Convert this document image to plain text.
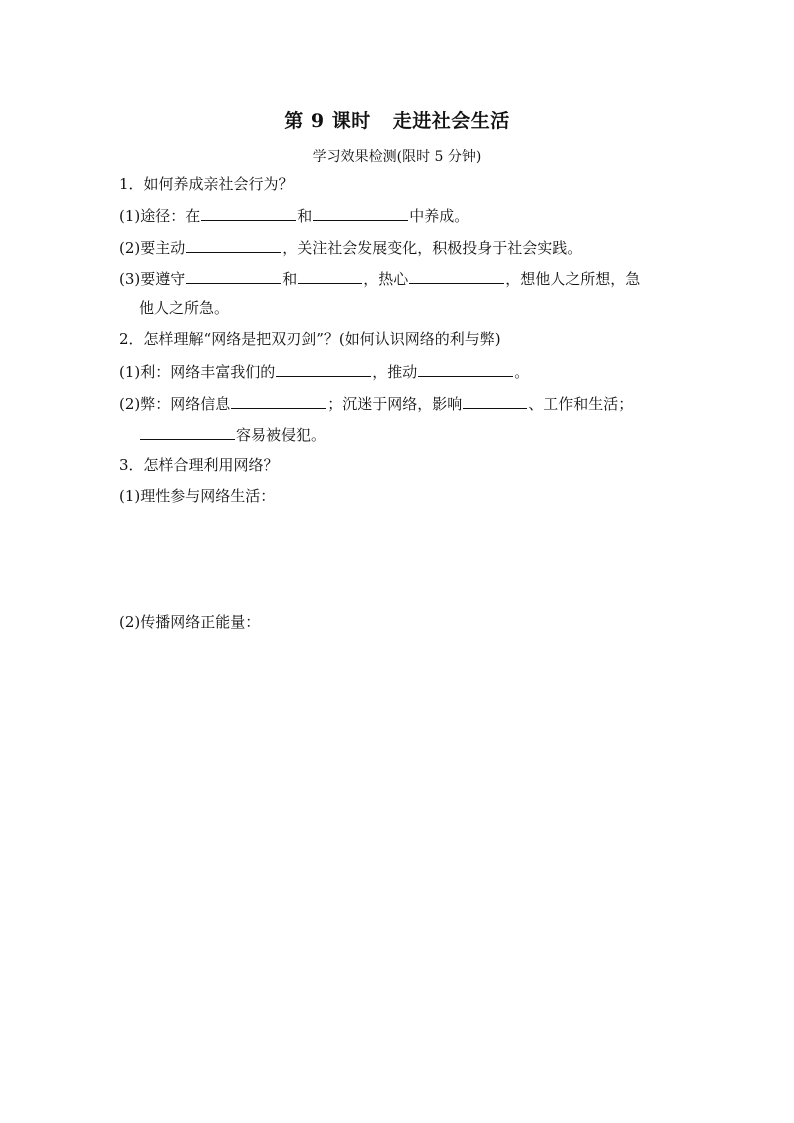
第 9 课时 走进社会生活
学习效果检测(限时 5 分钟)
1．如何养成亲社会行为？
(1)途径：在	和	中养成。
(2)要主动	，关注社会发展变化，积极投身于社会实践。
(3)要遵守	和	，热心	，想他人之所想，急
他人之所急。
2．怎样理解“网络是把双刃剑”？(如何认识网络的利与弊)
(1)利：网络丰富我们的	，推动	。
(2)弊：网络信息	；沉迷于网络，影响	、工作和生活；
容易被侵犯。
3．怎样合理利用网络？
(1)理性参与网络生活：
(2)传播网络正能量：
